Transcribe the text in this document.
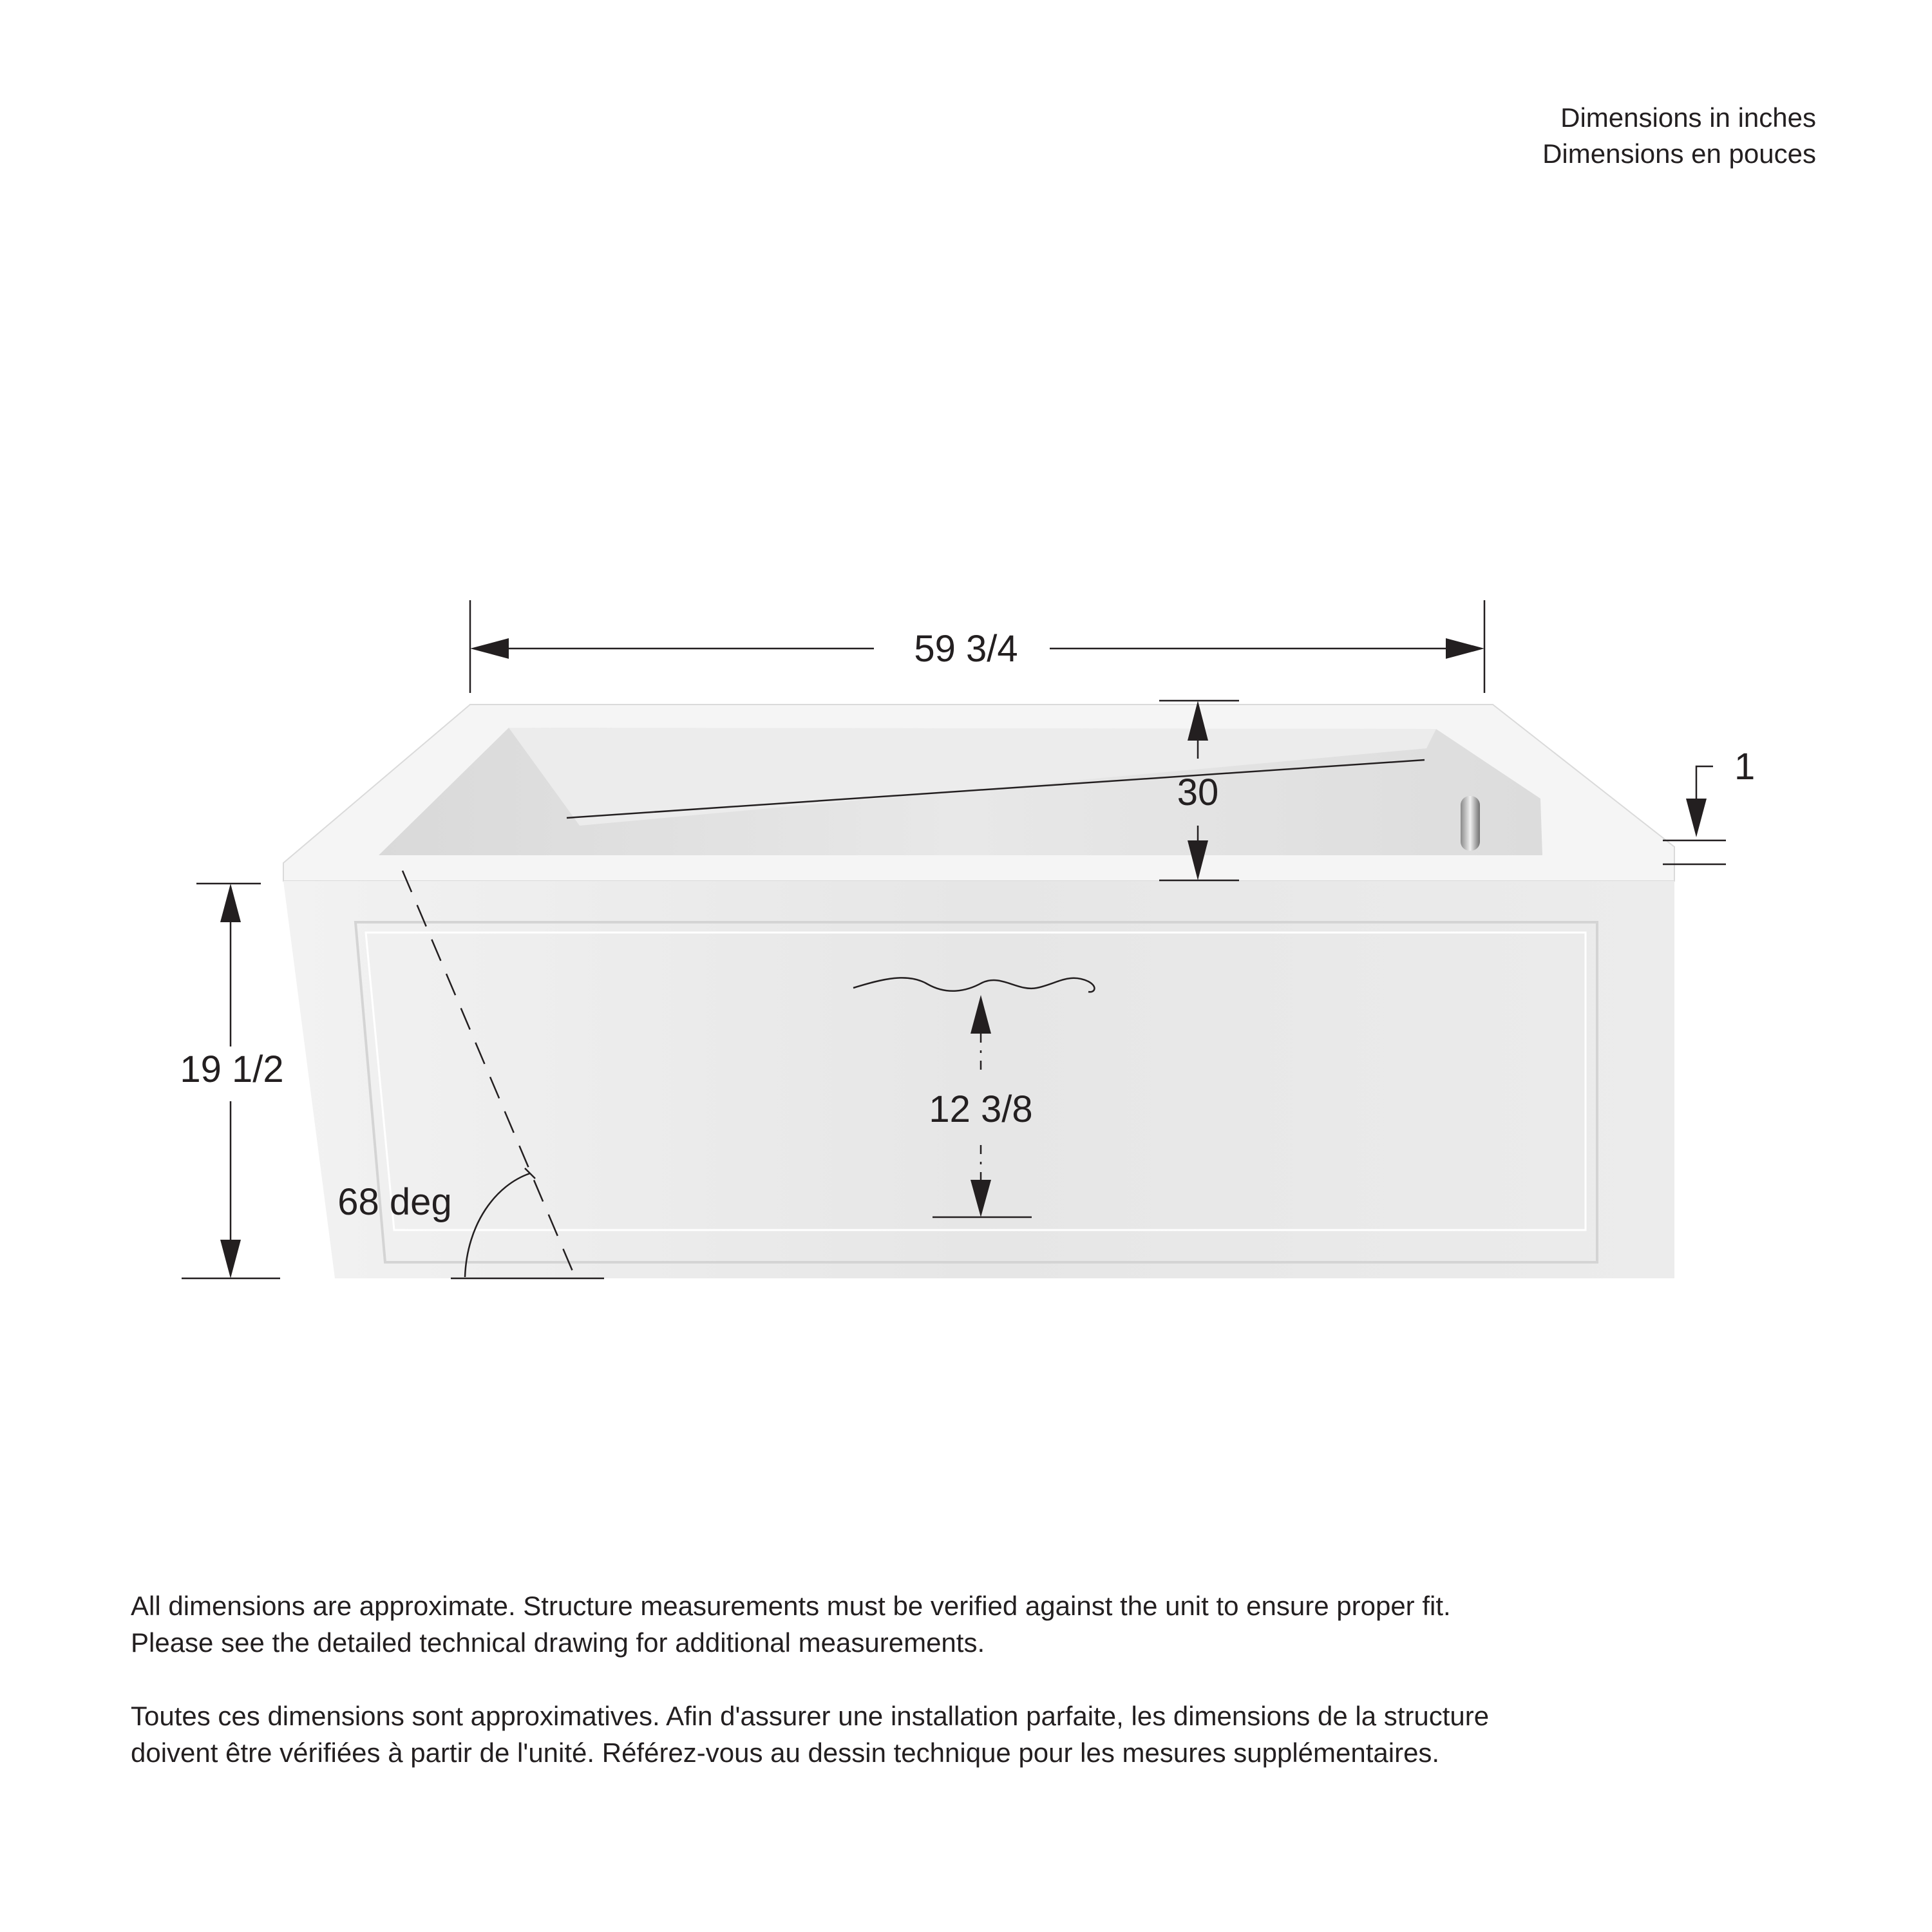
Dimensions in inches
Dimensions en pouces
59 3/4
30
1
19 1/2
12 3/8
68 deg

All dimensions are approximate. Structure measurements must be verified against the unit to ensure proper fit. Please see the detailed technical drawing for additional measurements.

Toutes ces dimensions sont approximatives. Afin d'assurer une installation parfaite, les dimensions de la structure doivent être vérifiées à partir de l'unité. Référez-vous au dessin technique pour les mesures supplémentaires.
